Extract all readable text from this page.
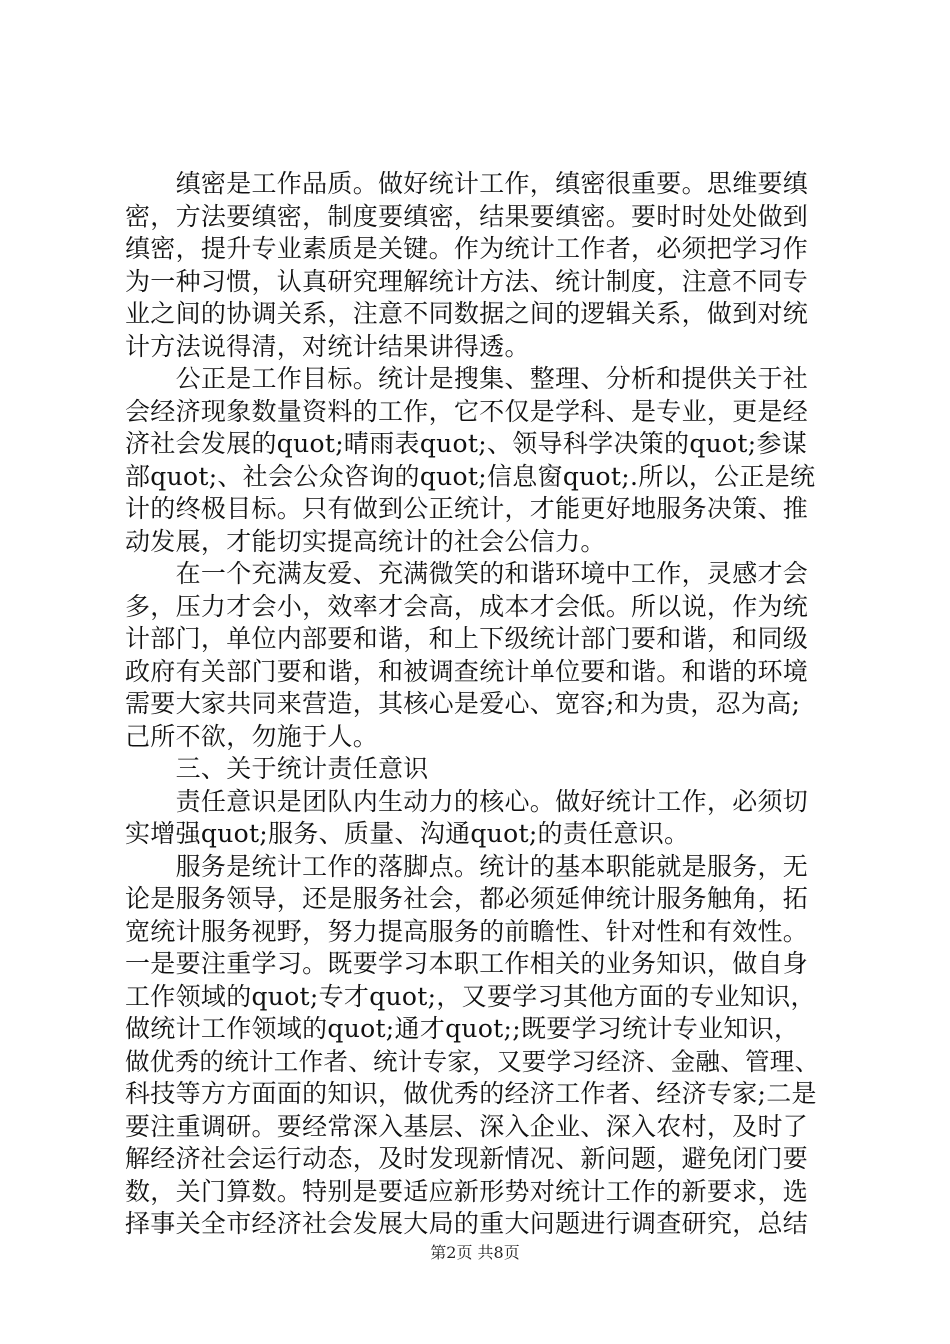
　　缜密是工作品质。做好统计工作，缜密很重要。思维要缜
密，方法要缜密，制度要缜密，结果要缜密。要时时处处做到
缜密，提升专业素质是关键。作为统计工作者，必须把学习作
为一种习惯，认真研究理解统计方法、统计制度，注意不同专
业之间的协调关系，注意不同数据之间的逻辑关系，做到对统
计方法说得清，对统计结果讲得透。
　　公正是工作目标。统计是搜集、整理、分析和提供关于社
会经济现象数量资料的工作，它不仅是学科、是专业，更是经
济社会发展的quot;晴雨表quot;、领导科学决策的quot;参谋
部quot;、社会公众咨询的quot;信息窗quot;.所以，公正是统
计的终极目标。只有做到公正统计，才能更好地服务决策、推
动发展，才能切实提高统计的社会公信力。
　　在一个充满友爱、充满微笑的和谐环境中工作，灵感才会
多，压力才会小，效率才会高，成本才会低。所以说，作为统
计部门，单位内部要和谐，和上下级统计部门要和谐，和同级
政府有关部门要和谐，和被调查统计单位要和谐。和谐的环境
需要大家共同来营造，其核心是爱心、宽容;和为贵，忍为高;
己所不欲，勿施于人。
　　三、关于统计责任意识
　　责任意识是团队内生动力的核心。做好统计工作，必须切
实增强quot;服务、质量、沟通quot;的责任意识。
　　服务是统计工作的落脚点。统计的基本职能就是服务，无
论是服务领导，还是服务社会，都必须延伸统计服务触角，拓
宽统计服务视野，努力提高服务的前瞻性、针对性和有效性。
一是要注重学习。既要学习本职工作相关的业务知识，做自身
工作领域的quot;专才quot;，又要学习其他方面的专业知识，
做统计工作领域的quot;通才quot;;既要学习统计专业知识，
做优秀的统计工作者、统计专家，又要学习经济、金融、管理、
科技等方方面面的知识，做优秀的经济工作者、经济专家;二是
要注重调研。要经常深入基层、深入企业、深入农村，及时了
解经济社会运行动态，及时发现新情况、新问题，避免闭门要
数，关门算数。特别是要适应新形势对统计工作的新要求，选
择事关全市经济社会发展大局的重大问题进行调查研究，总结
第2页 共8页
